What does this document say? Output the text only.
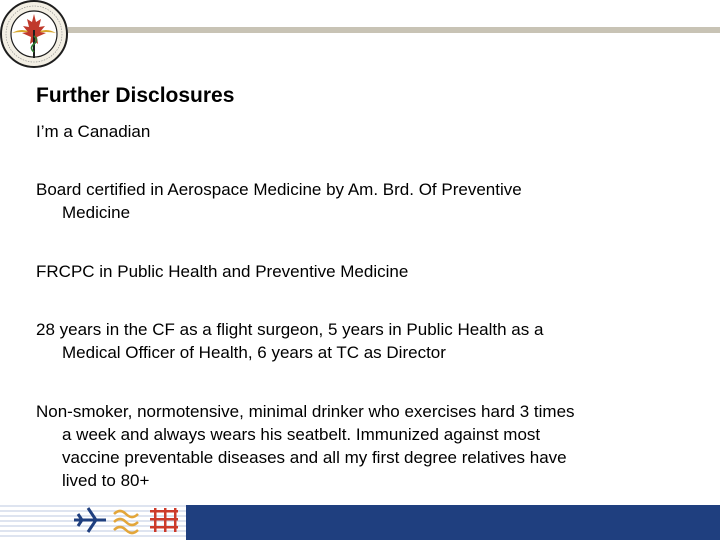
Further Disclosures

I’m a Canadian

Board certified in Aerospace Medicine by Am. Brd. Of Preventive
Medicine

FRCPC in Public Health and Preventive Medicine

28 years in the CF as a flight surgeon, 5 years in Public Health as a
Medical Officer of Health, 6 years at TC as Director

Non-smoker, normotensive, minimal drinker who exercises hard 3 times
a week and always wears his seatbelt. Immunized against most
vaccine preventable diseases and all my first degree relatives have
lived to 80+
